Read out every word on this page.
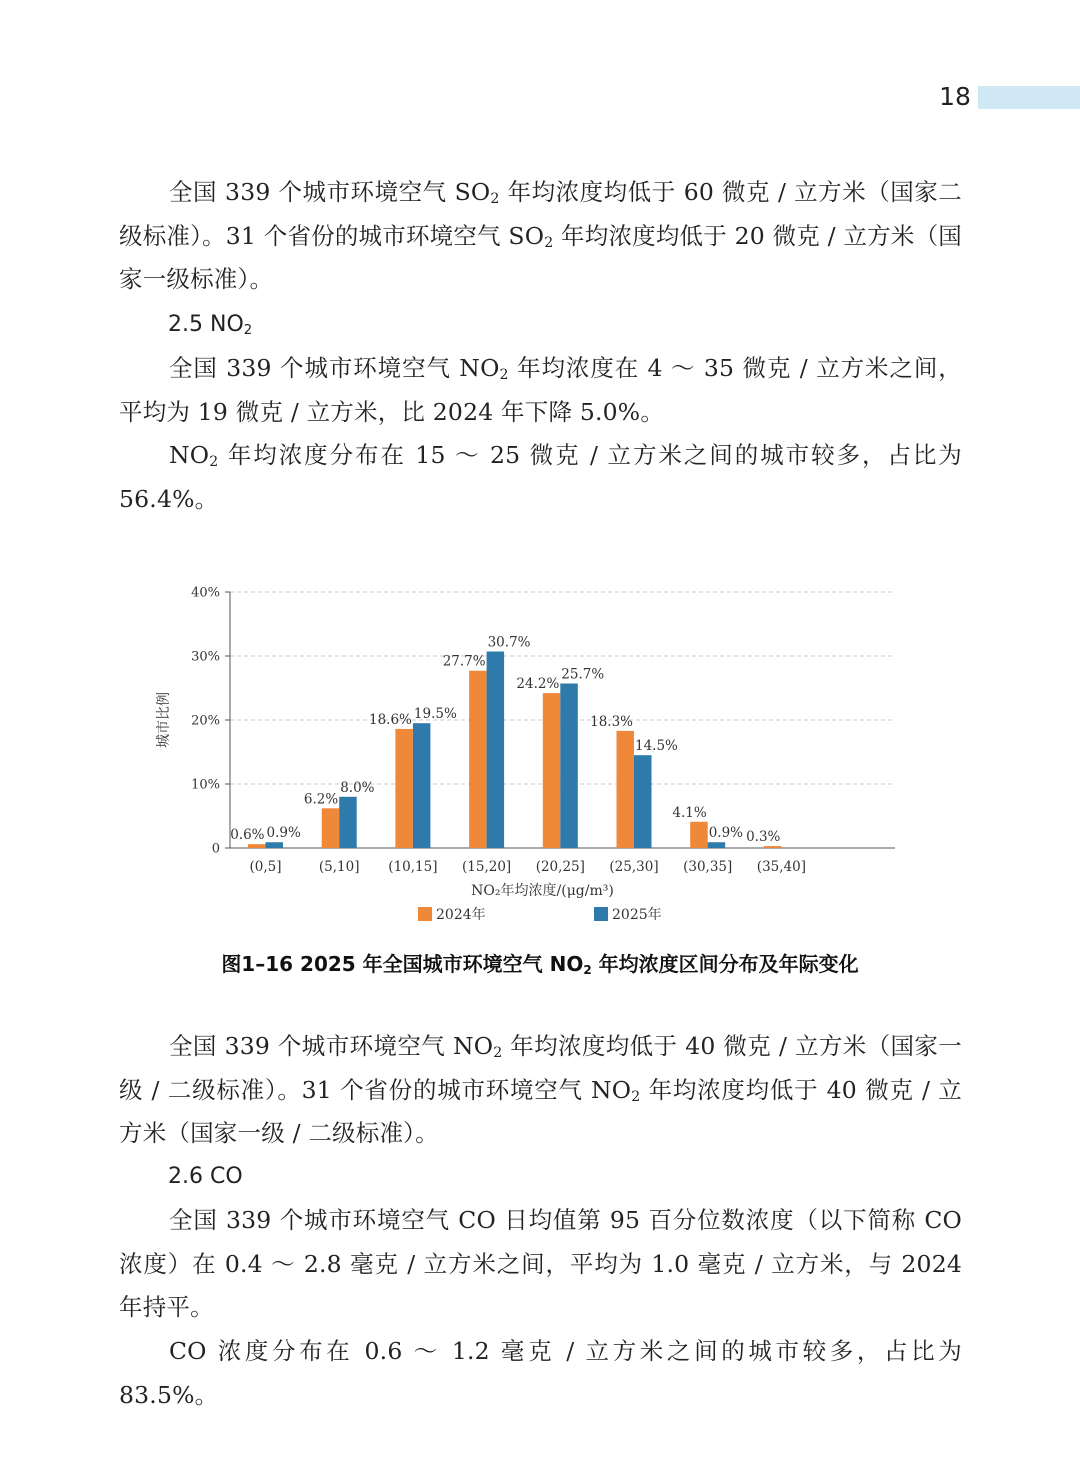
18

全国 339 个城市环境空气 $SO_2$ 年均浓度均低于 60 微克 / 立方米（国家二级标准）。31 个省份的城市环境空气 $SO_2$ 年均浓度均低于 20 微克 / 立方米（国家一级标准）。

2.5 $NO_2$

全国 339 个城市环境空气 $NO_2$ 年均浓度在 4 ～ 35 微克 / 立方米之间，平均为 19 微克 / 立方米，比 2024 年下降 5.0%。

$NO_2$ 年均浓度分布在 15 ～ 25 微克 / 立方米之间的城市较多，占比为 56.4%。

0
10%
20%
30%
40%
城市比例
(0,5]
0.6% 0.9%
(5,10]
6.2%
8.0%
(10,15]
18.6% 19.5%
(15,20]
27.7%
30.7%
(20,25]
24.2%
25.7%
(25,30]
18.3%
14.5%
(30,35]
4.1%
0.9%
(35,40]
0.3%
NO₂年均浓度/(μg/m³)
2024年	2025年
图1–16 2025 年全国城市环境空气 $NO_2$ 年均浓度区间分布及年际变化

全国 339 个城市环境空气 $NO_2$ 年均浓度均低于 40 微克 / 立方米（国家一级 / 二级标准）。31 个省份的城市环境空气 $NO_2$ 年均浓度均低于 40 微克 / 立方米（国家一级 / 二级标准）。

2.6 CO

全国 339 个城市环境空气 CO 日均值第 95 百分位数浓度（以下简称 CO 浓度）在 0.4 ～ 2.8 毫克 / 立方米之间，平均为 1.0 毫克 / 立方米，与 2024 年持平。

CO 浓度分布在 0.6 ～ 1.2 毫克 / 立方米之间的城市较多，占比为 83.5%。
